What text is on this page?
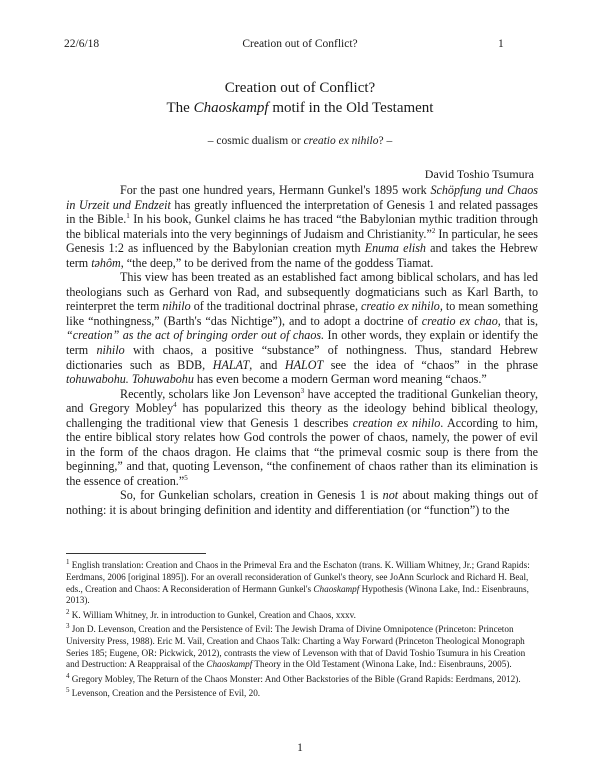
22/6/18	Creation out of Conflict?	1
Creation out of Conflict?
The Chaoskampf motif in the Old Testament
– cosmic dualism or creatio ex nihilo? –
David Toshio Tsumura

For the past one hundred years, Hermann Gunkel's 1895 work Schöpfung und Chaos in Urzeit und Endzeit has greatly influenced the interpretation of Genesis 1 and related passages in the Bible.$^1$ In his book, Gunkel claims he has traced “the Babylonian mythic tradition through the biblical materials into the very beginnings of Judaism and Christianity.”$^2$ In particular, he sees Genesis 1:2 as influenced by the Babylonian creation myth Enuma elish and takes the Hebrew term təhôm, “the deep,” to be derived from the name of the goddess Tiamat.

This view has been treated as an established fact among biblical scholars, and has led theologians such as Gerhard von Rad, and subsequently dogmaticians such as Karl Barth, to reinterpret the term nihilo of the traditional doctrinal phrase, creatio ex nihilo, to mean something like “nothingness,” (Barth's “das Nichtige”), and to adopt a doctrine of creatio ex chao, that is, “creation” as the act of bringing order out of chaos. In other words, they explain or identify the term nihilo with chaos, a positive “substance” of nothingness. Thus, standard Hebrew dictionaries such as BDB, HALAT, and HALOT see the idea of “chaos” in the phrase tohuwabohu. Tohuwabohu has even become a modern German word meaning “chaos.”

Recently, scholars like Jon Levenson$^3$ have accepted the traditional Gunkelian theory, and Gregory Mobley$^4$ has popularized this theory as the ideology behind biblical theology, challenging the traditional view that Genesis 1 describes creation ex nihilo. According to him, the entire biblical story relates how God controls the power of chaos, namely, the power of evil in the form of the chaos dragon. He claims that “the primeval cosmic soup is there from the beginning,” and that, quoting Levenson, “the confinement of chaos rather than its elimination is the essence of creation.”$^5$

So, for Gunkelian scholars, creation in Genesis 1 is not about making things out of nothing: it is about bringing definition and identity and differentiation (or “function”) to the

$^1$ English translation: Creation and Chaos in the Primeval Era and the Eschaton (trans. K. William Whitney, Jr.; Grand Rapids: Eerdmans, 2006 [original 1895]). For an overall reconsideration of Gunkel's theory, see JoAnn Scurlock and Richard H. Beal, eds., Creation and Chaos: A Reconsideration of Hermann Gunkel's Chaoskampf Hypothesis (Winona Lake, Ind.: Eisenbrauns, 2013).

$^2$ K. William Whitney, Jr. in introduction to Gunkel, Creation and Chaos, xxxv.

$^3$ Jon D. Levenson, Creation and the Persistence of Evil: The Jewish Drama of Divine Omnipotence (Princeton: Princeton University Press, 1988). Eric M. Vail, Creation and Chaos Talk: Charting a Way Forward (Princeton Theological Monograph Series 185; Eugene, OR: Pickwick, 2012), contrasts the view of Levenson with that of David Toshio Tsumura in his Creation and Destruction: A Reappraisal of the Chaoskampf Theory in the Old Testament (Winona Lake, Ind.: Eisenbrauns, 2005).

$^4$ Gregory Mobley, The Return of the Chaos Monster: And Other Backstories of the Bible (Grand Rapids: Eerdmans, 2012).

$^5$ Levenson, Creation and the Persistence of Evil, 20.

1
